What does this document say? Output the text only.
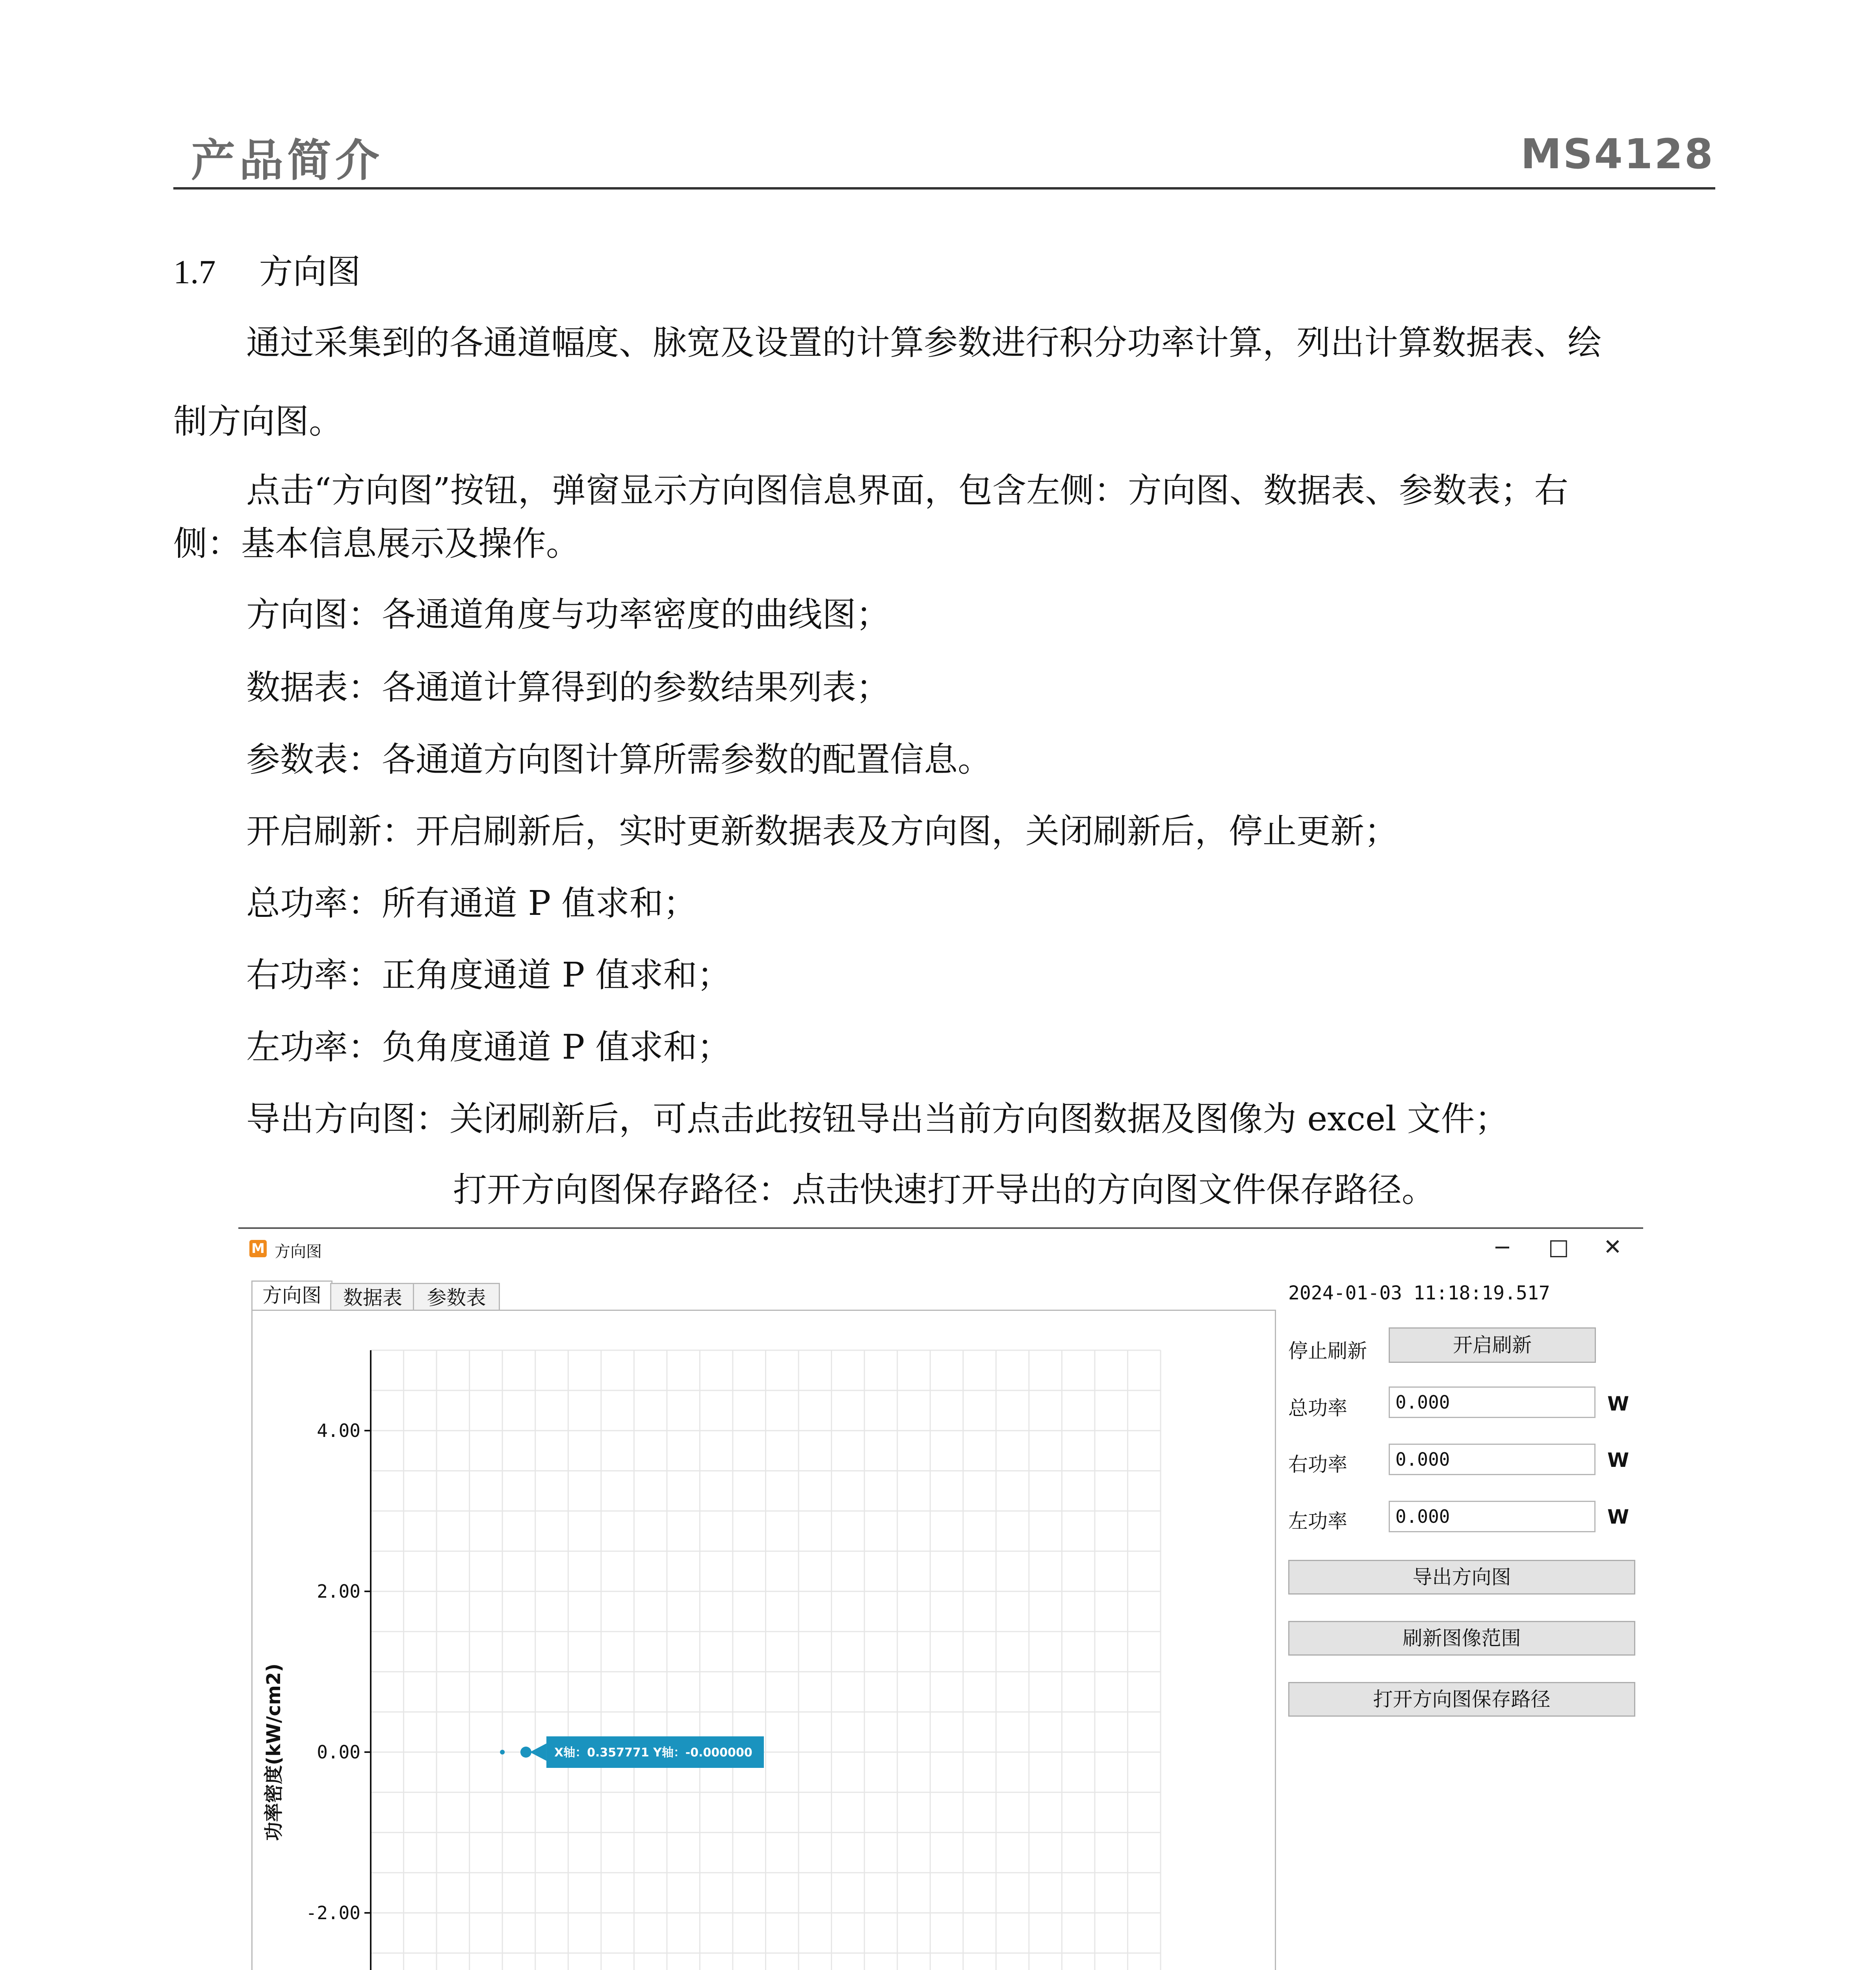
产品简介	MS4128
1.7 方向图
通过采集到的各通道幅度、脉宽及设置的计算参数进行积分功率计算，列出计算数据表、绘
制方向图。
点击“方向图”按钮，弹窗显示方向图信息界面，包含左侧：方向图、数据表、参数表；右
侧：基本信息展示及操作。
方向图：各通道角度与功率密度的曲线图；
数据表：各通道计算得到的参数结果列表；
参数表：各通道方向图计算所需参数的配置信息。
开启刷新：开启刷新后，实时更新数据表及方向图，关闭刷新后，停止更新；
总功率：所有通道 P 值求和；
右功率：正角度通道 P 值求和；
左功率：负角度通道 P 值求和；
导出方向图：关闭刷新后，可点击此按钮导出当前方向图数据及图像为 excel 文件；
打开方向图保存路径：点击快速打开导出的方向图文件保存路径。
M 方向图	− □ ✕
方向图	数据表	参数表
4.00
2.00
0.00
-2.00
功率密度(kW/cm2)	X轴：0.357771 Y轴：-0.000000
2024-01-03 11:18:19.517
停止刷新	开启刷新
总功率	0.000	W
右功率	0.000	W
左功率	0.000	W
导出方向图
刷新图像范围
打开方向图保存路径
